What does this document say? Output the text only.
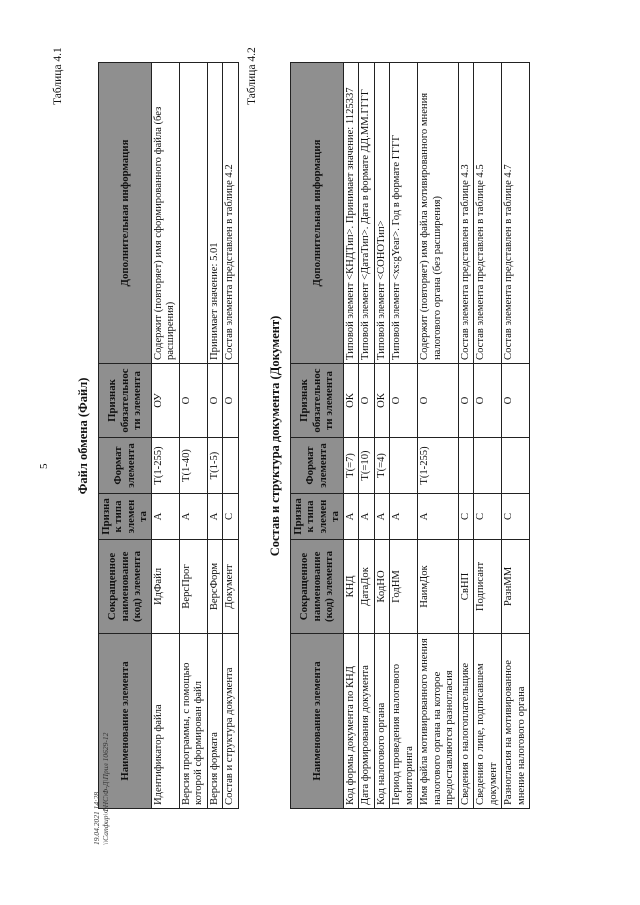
5
Таблица 4.1
Файл обмена (Файл)
Наименование элемента	Сокращенное наименование (код) элемента	Признак типа элемента	Формат элемента	Признак обязательности элемента	Дополнительная информация
Идентификатор файла	ИдФайл	А	T(1-255)	ОУ	Содержит (повторяет) имя сформированного файла (без расширения)
Версия программы, с помощью которой сформирован файл	ВерсПрог	А	T(1-40)	О	
Версия формата	ВерсФорм	А	T(1-5)	О	Принимает значение: 5.01
Состав и структура документа	Документ	С		О	Состав элемента представлен в таблице 4.2
Таблица 4.2
Состав и структура документа (Документ)
Наименование элемента	Сокращенное наименование (код) элемента	Признак типа элемента	Формат элемента	Признак обязательности элемента	Дополнительная информация
Код формы документа по КНД	КНД	А	T(=7)	ОК	Типовой элемент <КНДТип>. Принимает значение: 1125337
Дата формирования документа	ДатаДок	А	T(=10)	О	Типовой элемент <ДатаТип>. Дата в формате ДД.ММ.ГГГГ
Код налогового органа	КодНО	А	T(=4)	ОК	Типовой элемент <СОНОТип>
Период проведения налогового мониторинга	ГодНМ	А		О	Типовой элемент <xs:gYear>. Год в формате ГГГГ
Имя файла мотивированного мнения налогового органа на которое предоставляются разногласия	НаимДок	А	T(1-255)	О	Содержит (повторяет) имя файла мотивированного мнения налогового органа (без расширения)
Сведения о налогоплательщике	СвНП	С		О	Состав элемента представлен в таблице 4.3
Сведения о лице, подписавшем документ	Подписант	С		О	Состав элемента представлен в таблице 4.5
Разногласия на мотивированное мнение налогового органа	РазнММ	С		О	Состав элемента представлен в таблице 4.7
19.04.2021 14:28 \\Сапфир\ФНС\Ф-Д\Прил 10629-12
